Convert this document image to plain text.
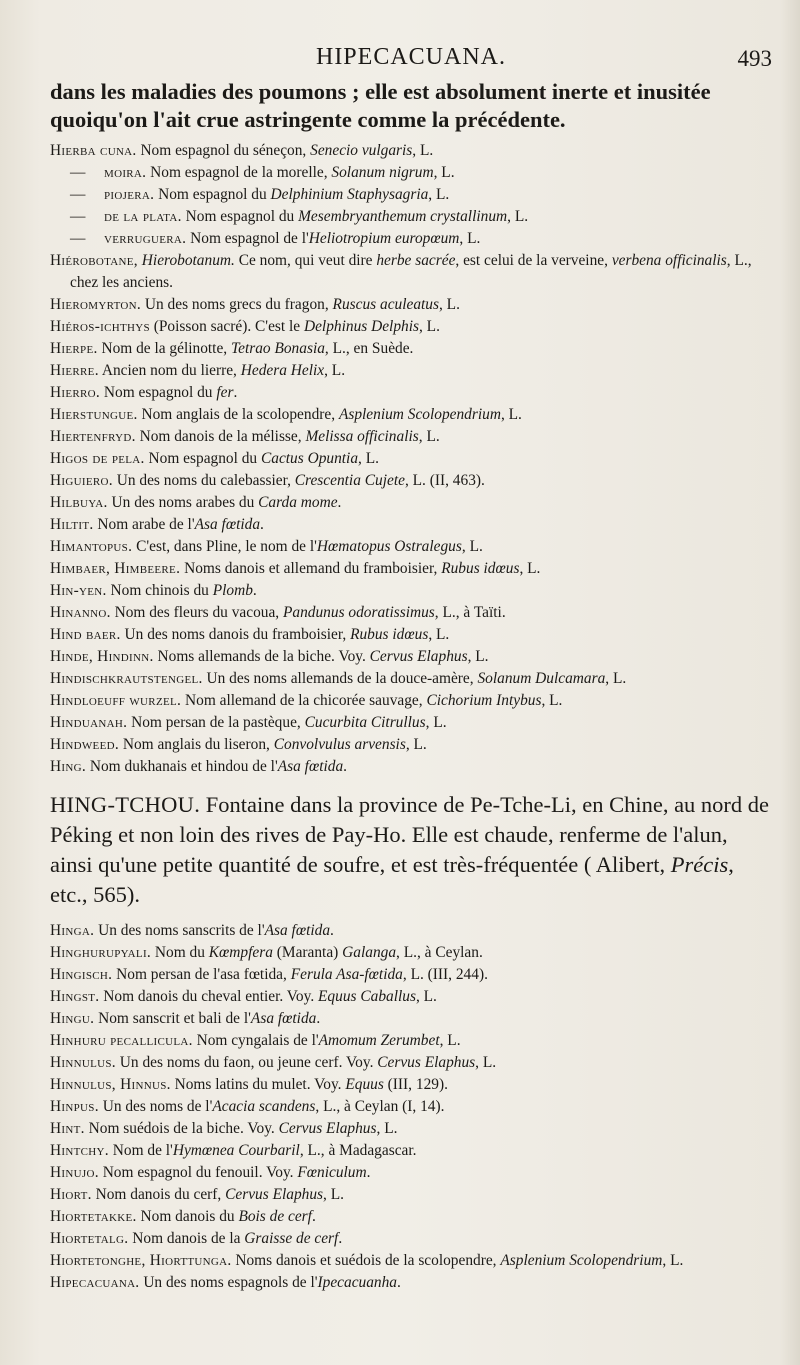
HIPECACUANA.	493

dans les maladies des poumons ; elle est absolument inerte et inusitée quoiqu'on l'ait crue astringente comme la précédente.

Hierba cuna. Nom espagnol du séneçon, Senecio vulgaris, L.

— moira. Nom espagnol de la morelle, Solanum nigrum, L.

— piojera. Nom espagnol du Delphinium Staphysagria, L.

— de la plata. Nom espagnol du Mesembryanthemum crystallinum, L.

— verruguera. Nom espagnol de l'Heliotropium europœum, L.

Hiérobotane, Hierobotanum. Ce nom, qui veut dire herbe sacrée, est celui de la verveine, verbena officinalis, L., chez les anciens.

Hieromyrton. Un des noms grecs du fragon, Ruscus aculeatus, L.

Hiéros-ichthys (Poisson sacré). C'est le Delphinus Delphis, L.

Hierpe. Nom de la gélinotte, Tetrao Bonasia, L., en Suède.

Hierre. Ancien nom du lierre, Hedera Helix, L.

Hierro. Nom espagnol du fer.

Hierstungue. Nom anglais de la scolopendre, Asplenium Scolopendrium, L.

Hiertenfryd. Nom danois de la mélisse, Melissa officinalis, L.

Higos de pela. Nom espagnol du Cactus Opuntia, L.

Higuiero. Un des noms du calebassier, Crescentia Cujete, L. (II, 463).

Hilbuya. Un des noms arabes du Carda mome.

Hiltit. Nom arabe de l'Asa fœtida.

Himantopus. C'est, dans Pline, le nom de l'Hœmatopus Ostralegus, L.

Himbaer, Himbeere. Noms danois et allemand du framboisier, Rubus idœus, L.

Hin-yen. Nom chinois du Plomb.

Hinanno. Nom des fleurs du vacoua, Pandunus odoratissimus, L., à Taïti.

Hind baer. Un des noms danois du framboisier, Rubus idœus, L.

Hinde, Hindinn. Noms allemands de la biche. Voy. Cervus Elaphus, L.

Hindischkrautstengel. Un des noms allemands de la douce-amère, Solanum Dulcamara, L.

Hindloeuff wurzel. Nom allemand de la chicorée sauvage, Cichorium Intybus, L.

Hinduanah. Nom persan de la pastèque, Cucurbita Citrullus, L.

Hindweed. Nom anglais du liseron, Convolvulus arvensis, L.

Hing. Nom dukhanais et hindou de l'Asa fœtida.

HING-TCHOU. Fontaine dans la province de Pe-Tche-Li, en Chine, au nord de Péking et non loin des rives de Pay-Ho. Elle est chaude, renferme de l'alun, ainsi qu'une petite quantité de soufre, et est très-fréquentée ( Alibert, Précis, etc., 565).

Hinga. Un des noms sanscrits de l'Asa fœtida.

Hinghurupyali. Nom du Kœmpfera (Maranta) Galanga, L., à Ceylan.

Hingisch. Nom persan de l'asa fœtida, Ferula Asa-fœtida, L. (III, 244).

Hingst. Nom danois du cheval entier. Voy. Equus Caballus, L.

Hingu. Nom sanscrit et bali de l'Asa fœtida.

Hinhuru pecallicula. Nom cyngalais de l'Amomum Zerumbet, L.

Hinnulus. Un des noms du faon, ou jeune cerf. Voy. Cervus Elaphus, L.

Hinnulus, Hinnus. Noms latins du mulet. Voy. Equus (III, 129).

Hinpus. Un des noms de l'Acacia scandens, L., à Ceylan (I, 14).

Hint. Nom suédois de la biche. Voy. Cervus Elaphus, L.

Hintchy. Nom de l'Hymœnea Courbaril, L., à Madagascar.

Hinujo. Nom espagnol du fenouil. Voy. Fœniculum.

Hiort. Nom danois du cerf, Cervus Elaphus, L.

Hiortetakke. Nom danois du Bois de cerf.

Hiortetalg. Nom danois de la Graisse de cerf.

Hiortetonghe, Hiorttunga. Noms danois et suédois de la scolopendre, Asplenium Scolopendrium, L.

Hipecacuana. Un des noms espagnols de l'Ipecacuanha.
